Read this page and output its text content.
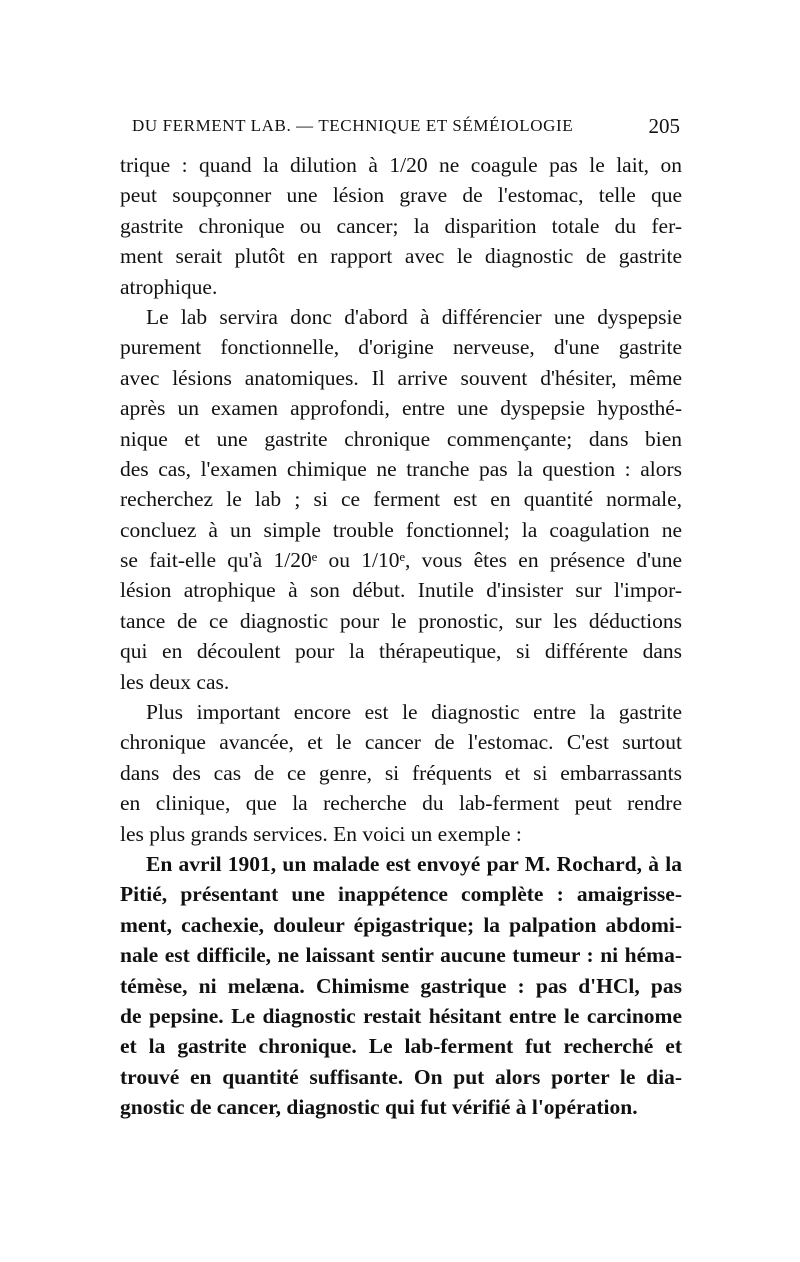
DU FERMENT LAB. — TECHNIQUE ET SÉMÉIOLOGIE	205
trique : quand la dilution à 1/20 ne coagule pas le lait, on
peut soupçonner une lésion grave de l'estomac, telle que
gastrite chronique ou cancer; la disparition totale du fer-
ment serait plutôt en rapport avec le diagnostic de gastrite
atrophique.
Le lab servira donc d'abord à différencier une dyspepsie
purement fonctionnelle, d'origine nerveuse, d'une gastrite
avec lésions anatomiques. Il arrive souvent d'hésiter, même
après un examen approfondi, entre une dyspepsie hyposthé-
nique et une gastrite chronique commençante; dans bien
des cas, l'examen chimique ne tranche pas la question : alors
recherchez le lab ; si ce ferment est en quantité normale,
concluez à un simple trouble fonctionnel; la coagulation ne
se fait-elle qu'à 1/20ᵉ ou 1/10ᵉ, vous êtes en présence d'une
lésion atrophique à son début. Inutile d'insister sur l'impor-
tance de ce diagnostic pour le pronostic, sur les déductions
qui en découlent pour la thérapeutique, si différente dans
les deux cas.
Plus important encore est le diagnostic entre la gastrite
chronique avancée, et le cancer de l'estomac. C'est surtout
dans des cas de ce genre, si fréquents et si embarrassants
en clinique, que la recherche du lab-ferment peut rendre
les plus grands services. En voici un exemple :
En avril 1901, un malade est envoyé par M. Rochard, à la
Pitié, présentant une inappétence complète : amaigrisse-
ment, cachexie, douleur épigastrique; la palpation abdomi-
nale est difficile, ne laissant sentir aucune tumeur : ni héma-
témèse, ni melæna. Chimisme gastrique : pas d'HCl, pas
de pepsine. Le diagnostic restait hésitant entre le carcinome
et la gastrite chronique. Le lab-ferment fut recherché et
trouvé en quantité suffisante. On put alors porter le dia-
gnostic de cancer, diagnostic qui fut vérifié à l'opération.
